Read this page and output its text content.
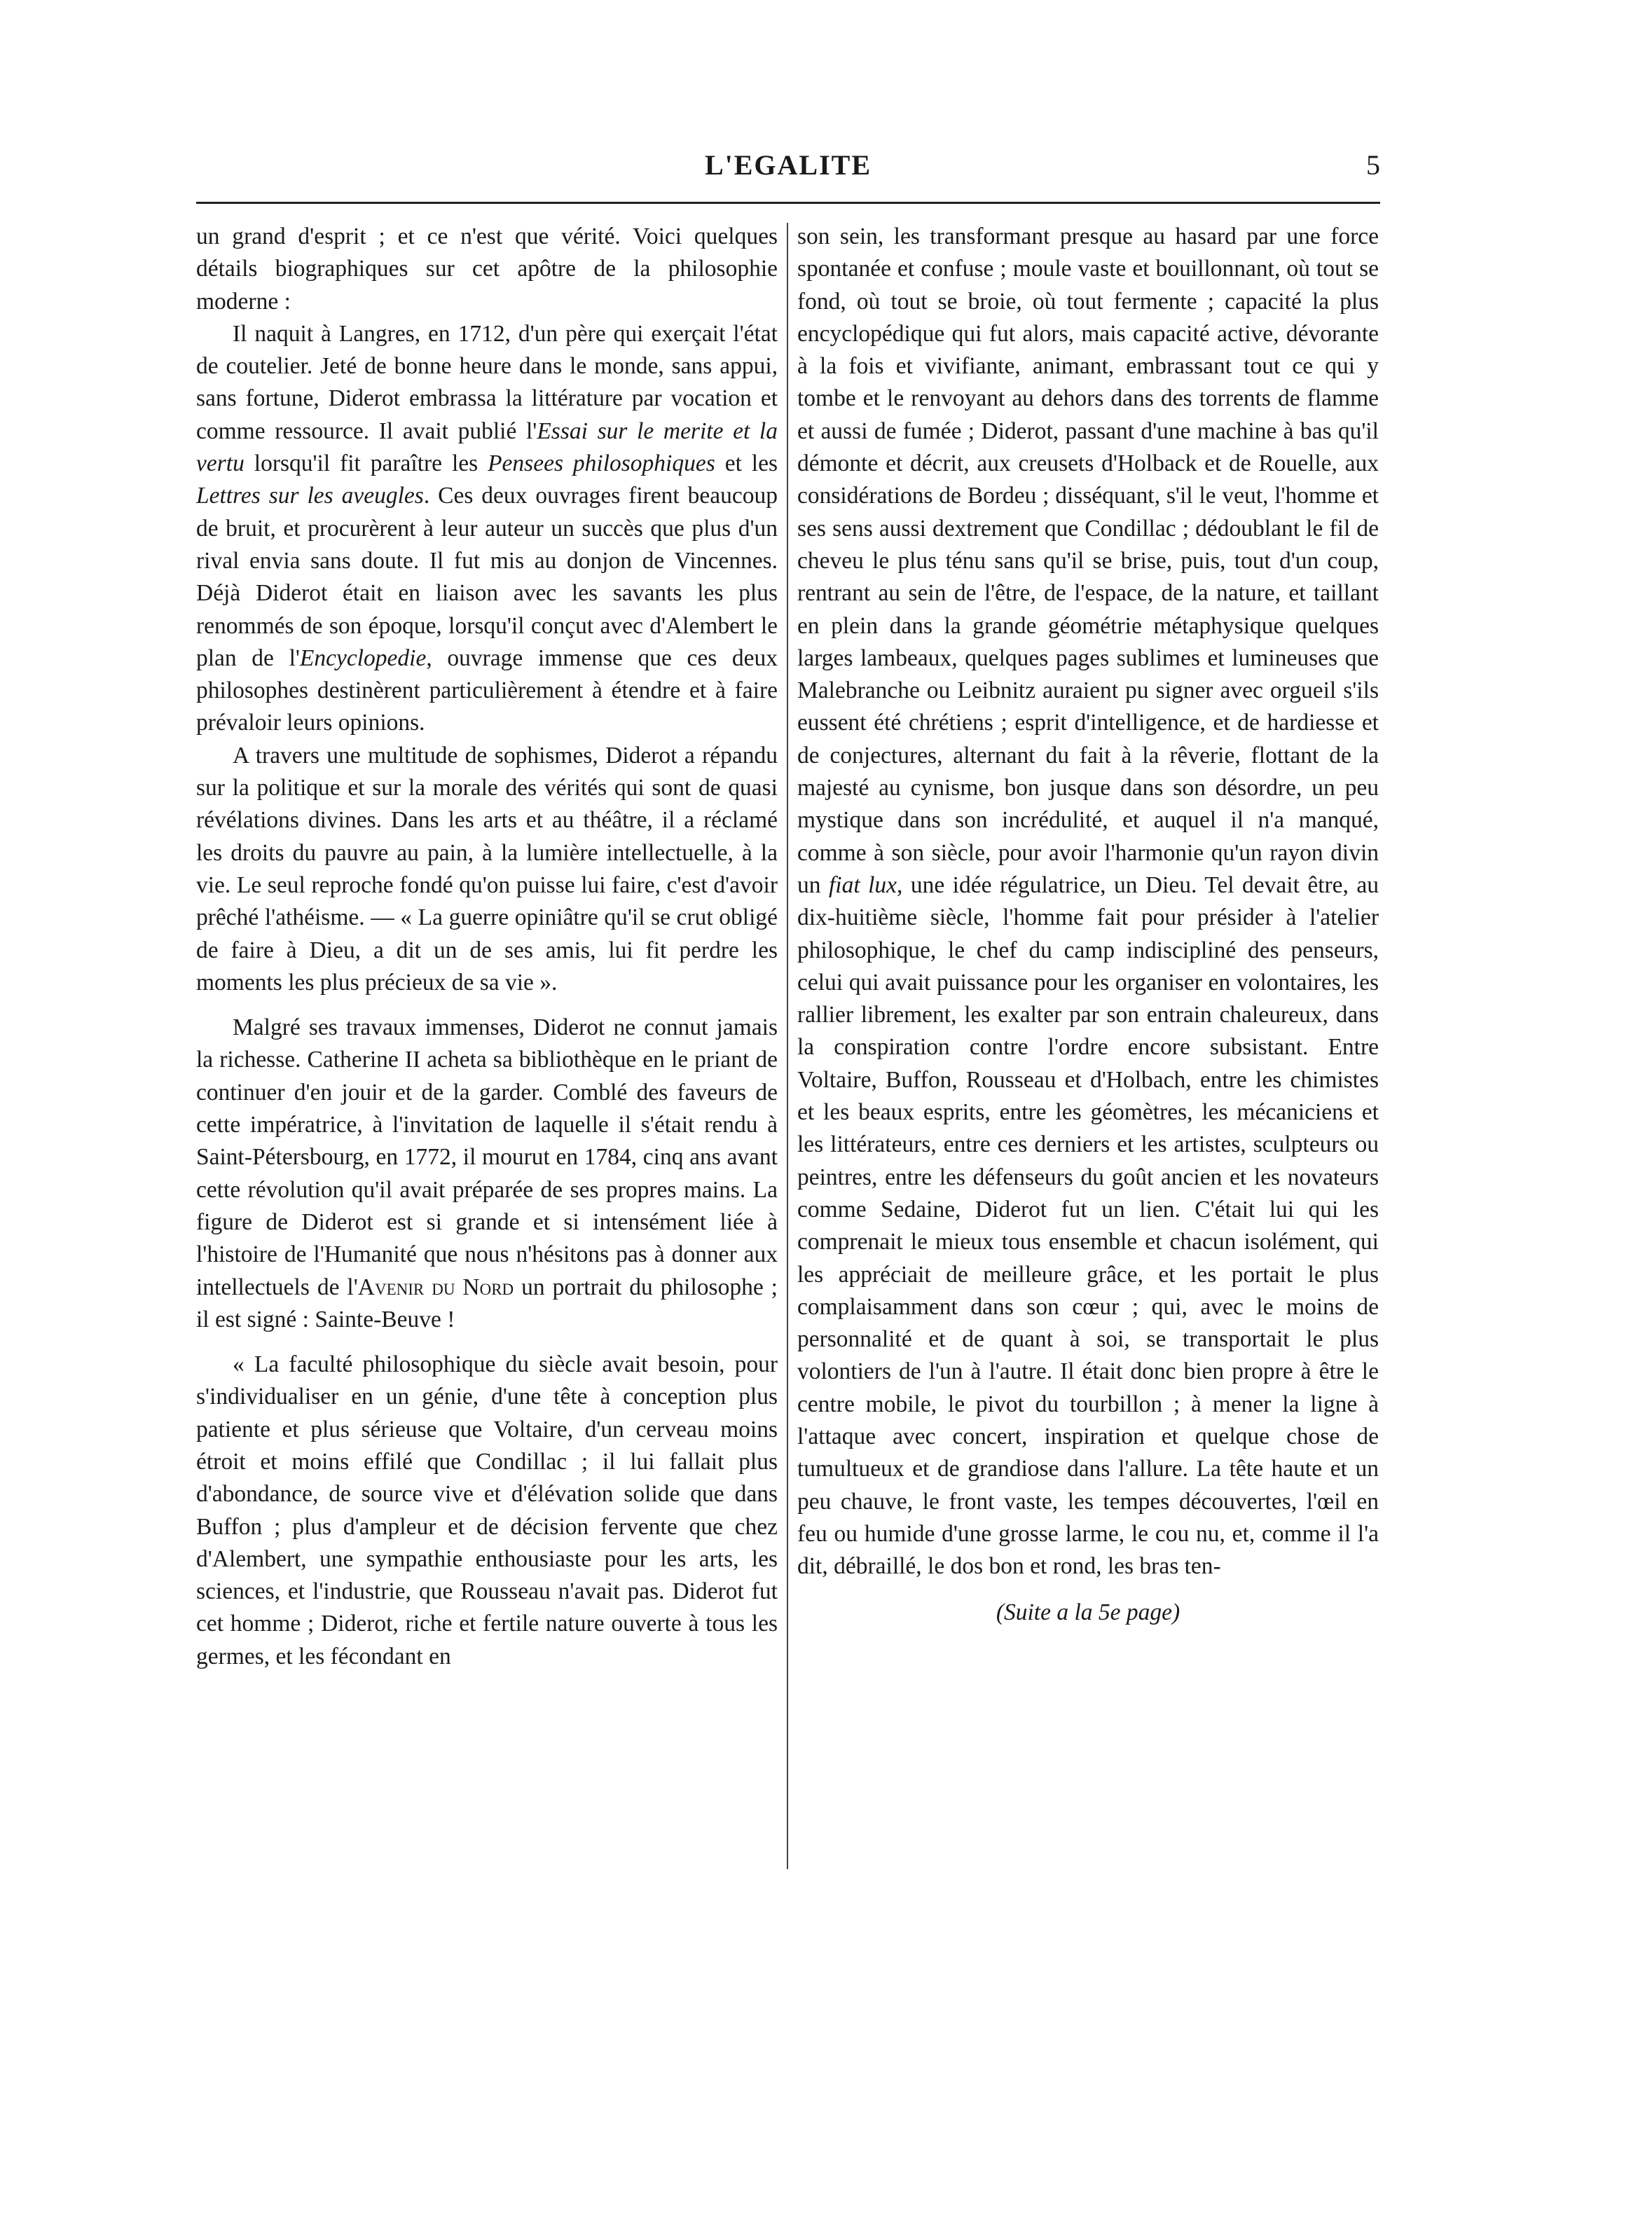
L'EGALITE	5

un grand d'esprit ; et ce n'est que vérité. Voici quelques détails biographiques sur cet apôtre de la philosophie moderne :

Il naquit à Langres, en 1712, d'un père qui exerçait l'état de coutelier. Jeté de bonne heure dans le monde, sans appui, sans fortune, Diderot embrassa la littérature par vocation et comme ressource. Il avait publié l'Essai sur le merite et la vertu lorsqu'il fit paraître les Pensees philosophiques et les Lettres sur les aveugles. Ces deux ouvrages firent beaucoup de bruit, et procurèrent à leur auteur un succès que plus d'un rival envia sans doute. Il fut mis au donjon de Vincennes. Déjà Diderot était en liaison avec les savants les plus renommés de son époque, lorsqu'il conçut avec d'Alembert le plan de l'Encyclopedie, ouvrage immense que ces deux philosophes destinèrent particulièrement à étendre et à faire prévaloir leurs opinions.

A travers une multitude de sophismes, Diderot a répandu sur la politique et sur la morale des vérités qui sont de quasi révélations divines. Dans les arts et au théâtre, il a réclamé les droits du pauvre au pain, à la lumière intellectuelle, à la vie. Le seul reproche fondé qu'on puisse lui faire, c'est d'avoir prêché l'athéisme. — « La guerre opiniâtre qu'il se crut obligé de faire à Dieu, a dit un de ses amis, lui fit perdre les moments les plus précieux de sa vie ».

Malgré ses travaux immenses, Diderot ne connut jamais la richesse. Catherine II acheta sa bibliothèque en le priant de continuer d'en jouir et de la garder. Comblé des faveurs de cette impératrice, à l'invitation de laquelle il s'était rendu à Saint-Pétersbourg, en 1772, il mourut en 1784, cinq ans avant cette révolution qu'il avait préparée de ses propres mains. La figure de Diderot est si grande et si intensément liée à l'histoire de l'Humanité que nous n'hésitons pas à donner aux intellectuels de l'Avenir du Nord un portrait du philosophe ; il est signé : Sainte-Beuve !

« La faculté philosophique du siècle avait besoin, pour s'individualiser en un génie, d'une tête à conception plus patiente et plus sérieuse que Voltaire, d'un cerveau moins étroit et moins effilé que Condillac ; il lui fallait plus d'abondance, de source vive et d'élévation solide que dans Buffon ; plus d'ampleur et de décision fervente que chez d'Alembert, une sympathie enthousiaste pour les arts, les sciences, et l'industrie, que Rousseau n'avait pas. Diderot fut cet homme ; Diderot, riche et fertile nature ouverte à tous les germes, et les fécondant en

son sein, les transformant presque au hasard par une force spontanée et confuse ; moule vaste et bouillonnant, où tout se fond, où tout se broie, où tout fermente ; capacité la plus encyclopédique qui fut alors, mais capacité active, dévorante à la fois et vivifiante, animant, embrassant tout ce qui y tombe et le renvoyant au dehors dans des torrents de flamme et aussi de fumée ; Diderot, passant d'une machine à bas qu'il démonte et décrit, aux creusets d'Holback et de Rouelle, aux considérations de Bordeu ; disséquant, s'il le veut, l'homme et ses sens aussi dextrement que Condillac ; dédoublant le fil de cheveu le plus ténu sans qu'il se brise, puis, tout d'un coup, rentrant au sein de l'être, de l'espace, de la nature, et taillant en plein dans la grande géométrie métaphysique quelques larges lambeaux, quelques pages sublimes et lumineuses que Malebranche ou Leibnitz auraient pu signer avec orgueil s'ils eussent été chrétiens ; esprit d'intelligence, et de hardiesse et de conjectures, alternant du fait à la rêverie, flottant de la majesté au cynisme, bon jusque dans son désordre, un peu mystique dans son incrédulité, et auquel il n'a manqué, comme à son siècle, pour avoir l'harmonie qu'un rayon divin un fiat lux, une idée régulatrice, un Dieu. Tel devait être, au dix-huitième siècle, l'homme fait pour présider à l'atelier philosophique, le chef du camp indiscipliné des penseurs, celui qui avait puissance pour les organiser en volontaires, les rallier librement, les exalter par son entrain chaleureux, dans la conspiration contre l'ordre encore subsistant. Entre Voltaire, Buffon, Rousseau et d'Holbach, entre les chimistes et les beaux esprits, entre les géomètres, les mécaniciens et les littérateurs, entre ces derniers et les artistes, sculpteurs ou peintres, entre les défenseurs du goût ancien et les novateurs comme Sedaine, Diderot fut un lien. C'était lui qui les comprenait le mieux tous ensemble et chacun isolément, qui les appréciait de meilleure grâce, et les portait le plus complaisamment dans son cœur ; qui, avec le moins de personnalité et de quant à soi, se transportait le plus volontiers de l'un à l'autre. Il était donc bien propre à être le centre mobile, le pivot du tourbillon ; à mener la ligne à l'attaque avec concert, inspiration et quelque chose de tumultueux et de grandiose dans l'allure. La tête haute et un peu chauve, le front vaste, les tempes découvertes, l'œil en feu ou humide d'une grosse larme, le cou nu, et, comme il l'a dit, débraillé, le dos bon et rond, les bras ten-

(Suite a la 5e page)
